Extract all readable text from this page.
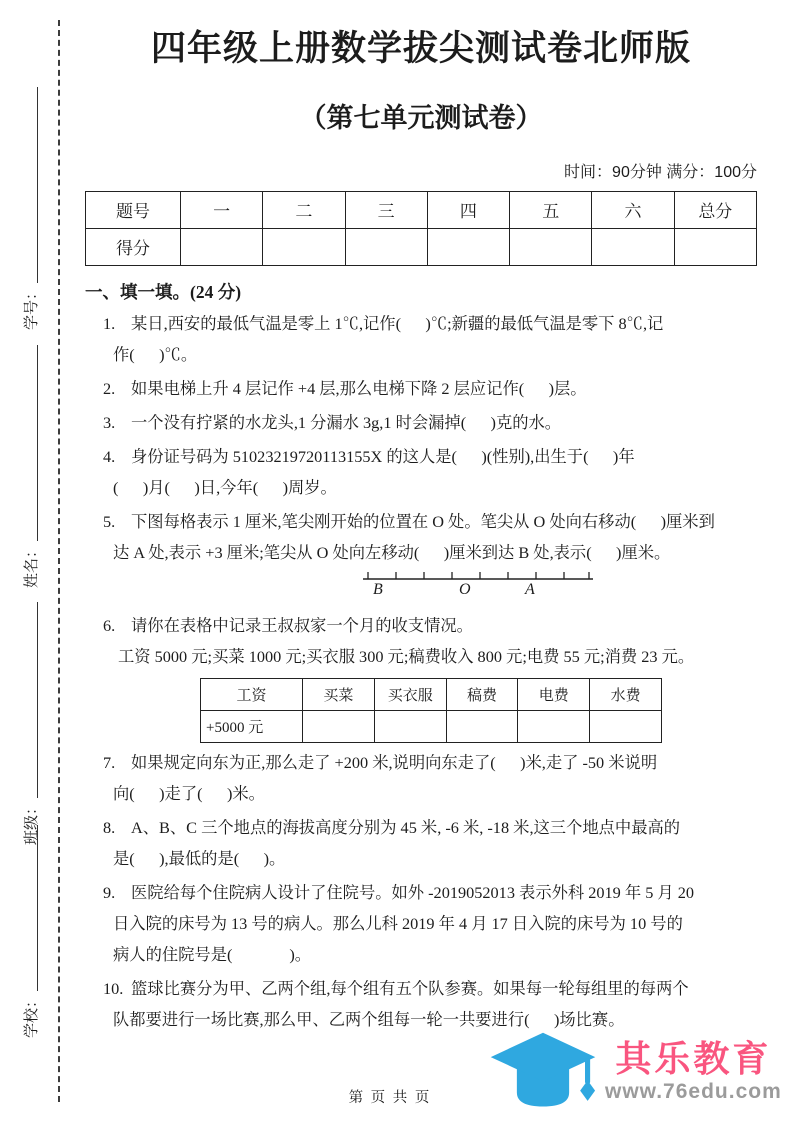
学号：
姓名：
班级：
学校：
四年级上册数学拔尖测试卷北师版
（第七单元测试卷）
时间：90分钟 满分：100分
题号	一	二	三	四	五	六	总分
得分							
一、填一填。(24 分)
1. 某日,西安的最低气温是零上 1℃,记作(      )℃;新疆的最低气温是零下 8℃,记
作(      )℃。
2. 如果电梯上升 4 层记作 +4 层,那么电梯下降 2 层应记作(      )层。
3. 一个没有拧紧的水龙头,1 分漏水 3g,1 时会漏掉(      )克的水。
4. 身份证号码为 51023219720113155X 的这人是(      )(性别),出生于(      )年
(      )月(      )日,今年(      )周岁。
5. 下图每格表示 1 厘米,笔尖刚开始的位置在 O 处。笔尖从 O 处向右移动(      )厘米到
达 A 处,表示 +3 厘米;笔尖从 O 处向左移动(      )厘米到达 B 处,表示(      )厘米。
B	O	A
6. 请你在表格中记录王叔叔家一个月的收支情况。
工资 5000 元;买菜 1000 元;买衣服 300 元;稿费收入 800 元;电费 55 元;消费 23 元。
工资	买菜	买衣服	稿费	电费	水费
+5000 元					
7. 如果规定向东为正,那么走了 +200 米,说明向东走了(      )米,走了 -50 米说明
向(      )走了(      )米。
8. A、B、C 三个地点的海拔高度分别为 45 米, -6 米, -18 米,这三个地点中最高的
是(      ),最低的是(      )。
9. 医院给每个住院病人设计了住院号。如外 -2019052013 表示外科 2019 年 5 月 20
日入院的床号为 13 号的病人。那么儿科 2019 年 4 月 17 日入院的床号为 10 号的
病人的住院号是(              )。
10. 篮球比赛分为甲、乙两个组,每个组有五个队参赛。如果每一轮每组里的每两个
队都要进行一场比赛,那么甲、乙两个组每一轮一共要进行(      )场比赛。
第 页 共 页
其乐教育
www.76edu.com
